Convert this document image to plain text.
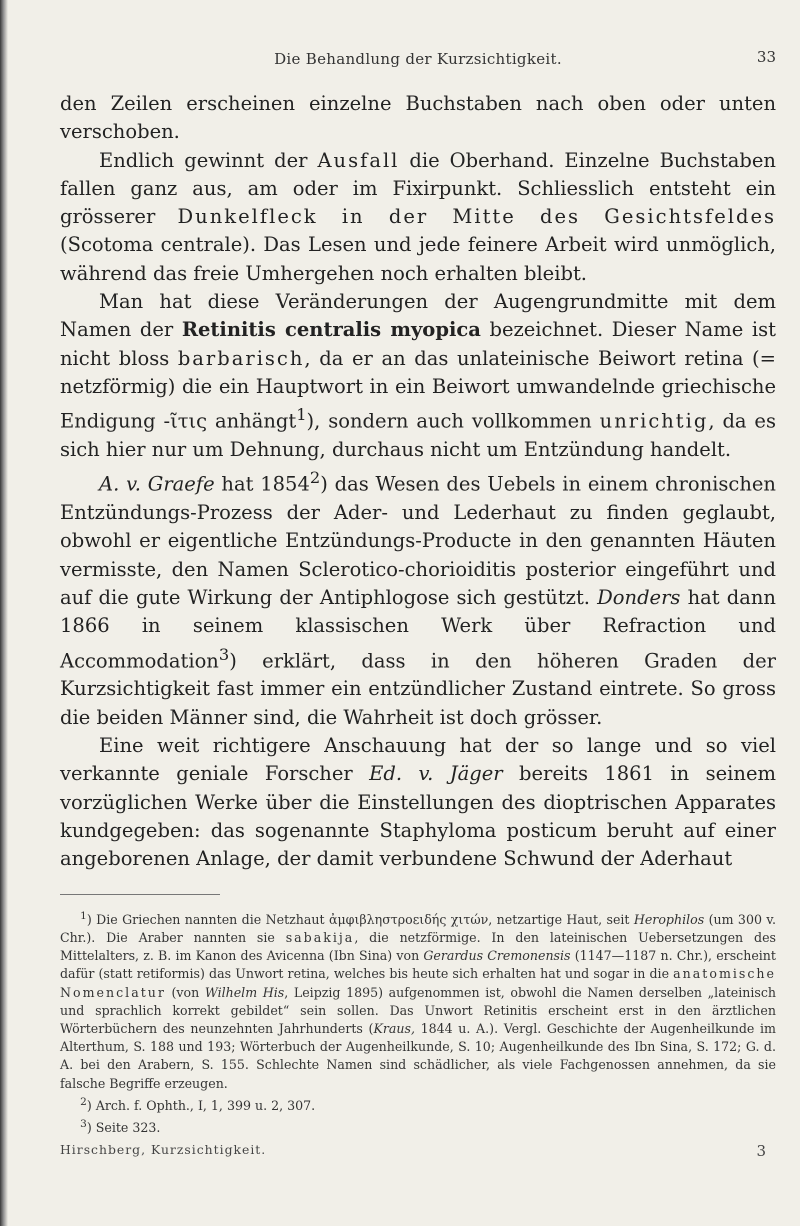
Die Behandlung der Kurzsichtigkeit.	33

den Zeilen erscheinen einzelne Buchstaben nach oben oder unten verschoben.

Endlich gewinnt der Ausfall die Oberhand. Einzelne Buchstaben fallen ganz aus, am oder im Fixirpunkt. Schliesslich entsteht ein grösserer Dunkelfleck in der Mitte des Gesichtsfeldes (Scotoma centrale). Das Lesen und jede feinere Arbeit wird unmöglich, während das freie Umhergehen noch erhalten bleibt.

Man hat diese Veränderungen der Augengrundmitte mit dem Namen der Retinitis centralis myopica bezeichnet. Dieser Name ist nicht bloss barbarisch, da er an das unlateinische Beiwort retina (= netzförmig) die ein Hauptwort in ein Beiwort umwandelnde griechische Endigung -ῖτις anhängt$^1$), sondern auch vollkommen unrichtig, da es sich hier nur um Dehnung, durchaus nicht um Entzündung handelt.

A. v. Graefe hat 1854$^2$) das Wesen des Uebels in einem chronischen Entzündungs-Prozess der Ader- und Lederhaut zu finden geglaubt, obwohl er eigentliche Entzündungs-Producte in den genannten Häuten vermisste, den Namen Sclerotico-chorioiditis posterior eingeführt und auf die gute Wirkung der Antiphlogose sich gestützt. Donders hat dann 1866 in seinem klassischen Werk über Refraction und Accommodation$^3$) erklärt, dass in den höheren Graden der Kurzsichtigkeit fast immer ein entzündlicher Zustand eintrete. So gross die beiden Männer sind, die Wahrheit ist doch grösser.

Eine weit richtigere Anschauung hat der so lange und so viel verkannte geniale Forscher Ed. v. Jäger bereits 1861 in seinem vorzüglichen Werke über die Einstellungen des dioptrischen Apparates kundgegeben: das sogenannte Staphyloma posticum beruht auf einer angeborenen Anlage, der damit verbundene Schwund der Aderhaut

$^1$) Die Griechen nannten die Netzhaut ἀμφιβληστροειδής χιτών, netzartige Haut, seit Herophilos (um 300 v. Chr.). Die Araber nannten sie sabakija, die netzförmige. In den lateinischen Uebersetzungen des Mittelalters, z. B. im Kanon des Avicenna (Ibn Sina) von Gerardus Cremonensis (1147—1187 n. Chr.), erscheint dafür (statt retiformis) das Unwort retina, welches bis heute sich erhalten hat und sogar in die anatomische Nomenclatur (von Wilhelm His, Leipzig 1895) aufgenommen ist, obwohl die Namen derselben „lateinisch und sprachlich korrekt gebildet“ sein sollen. Das Unwort Retinitis erscheint erst in den ärztlichen Wörterbüchern des neunzehnten Jahrhunderts (Kraus, 1844 u. A.). Vergl. Geschichte der Augenheilkunde im Alterthum, S. 188 und 193; Wörterbuch der Augenheilkunde, S. 10; Augenheilkunde des Ibn Sina, S. 172; G. d. A. bei den Arabern, S. 155. Schlechte Namen sind schädlicher, als viele Fachgenossen annehmen, da sie falsche Begriffe erzeugen.

$^2$) Arch. f. Ophth., I, 1, 399 u. 2, 307.

$^3$) Seite 323.

Hirschberg, Kurzsichtigkeit.	3
